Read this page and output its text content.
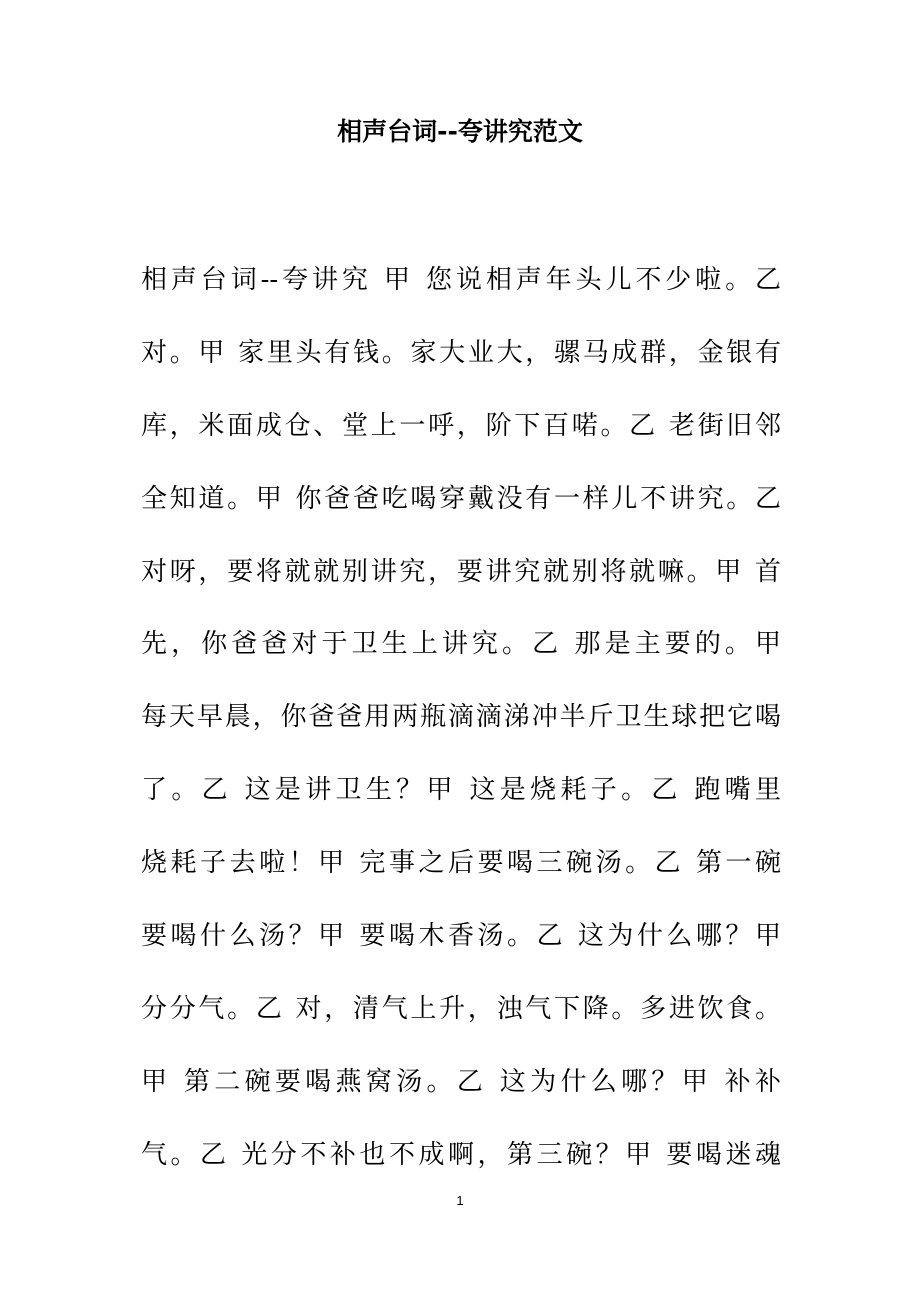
相声台词--夸讲究范文
相声台词--夸讲究 甲 您说相声年头儿不少啦。乙
对。甲 家里头有钱。家大业大，骡马成群，金银有
库，米面成仓、堂上一呼，阶下百喏。乙 老街旧邻
全知道。甲 你爸爸吃喝穿戴没有一样儿不讲究。乙
对呀，要将就就别讲究，要讲究就别将就嘛。甲 首
先，你爸爸对于卫生上讲究。乙 那是主要的。甲
每天早晨，你爸爸用两瓶滴滴涕冲半斤卫生球把它喝
了。乙 这是讲卫生？甲 这是烧耗子。乙 跑嘴里
烧耗子去啦！甲 完事之后要喝三碗汤。乙 第一碗
要喝什么汤？甲 要喝木香汤。乙 这为什么哪？甲
分分气。乙 对，清气上升，浊气下降。多进饮食。
甲 第二碗要喝燕窝汤。乙 这为什么哪？甲 补补
气。乙 光分不补也不成啊，第三碗？甲 要喝迷魂
1
